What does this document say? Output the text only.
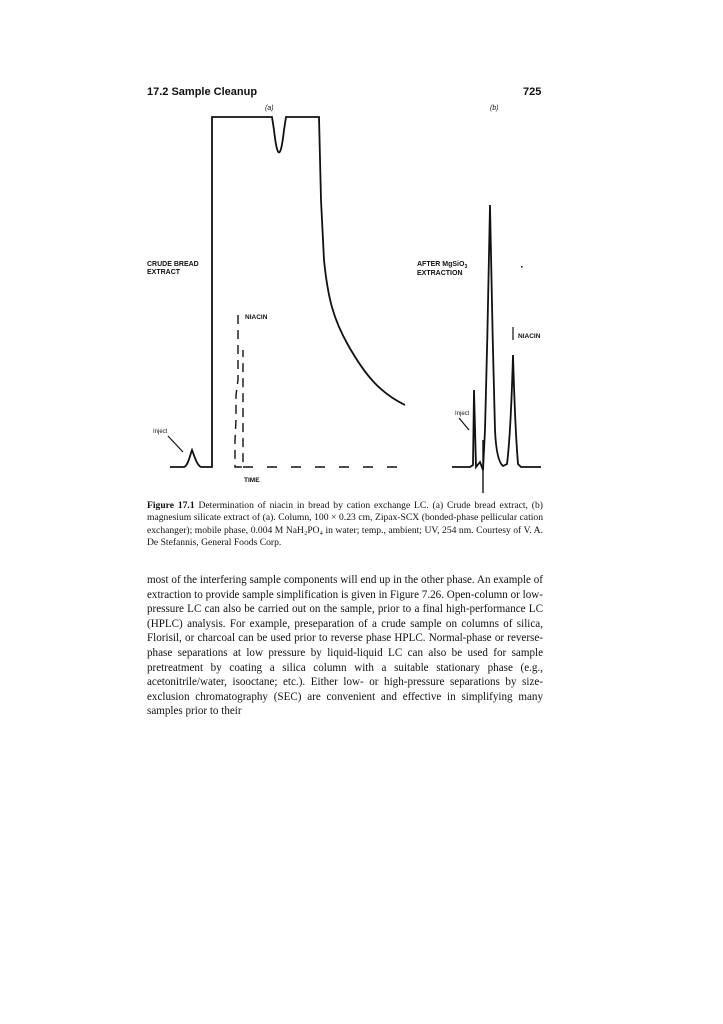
17.2 Sample Cleanup	725
(a)
CRUDE BREAD
EXTRACT
NIACIN
Inject
TIME
(b)
AFTER MgSiO$_3$
EXTRACTION
NIACIN
Inject
Figure 17.1 Determination of niacin in bread by cation exchange LC. (a) Crude bread extract, (b) magnesium silicate extract of (a). Column, 100 × 0.23 cm, Zipax-SCX (bonded-phase pellicular cation exchanger); mobile phase, 0.004 M NaH₂PO₄ in water; temp., ambient; UV, 254 nm. Courtesy of V. A. De Stefannis, General Foods Corp.

most of the interfering sample components will end up in the other phase. An example of extraction to provide sample simplification is given in Figure 7.26. Open-column or low-pressure LC can also be carried out on the sample, prior to a final high-performance LC (HPLC) analysis. For example, preseparation of a crude sample on columns of silica, Florisil, or charcoal can be used prior to reverse phase HPLC. Normal-phase or reverse-phase separations at low pressure by liquid-liquid LC can also be used for sample pretreatment by coating a silica column with a suitable stationary phase (e.g., acetonitrile/water, isooctane; etc.). Either low- or high-pressure separations by size-exclusion chromatography (SEC) are convenient and effective in simplifying many samples prior to their
